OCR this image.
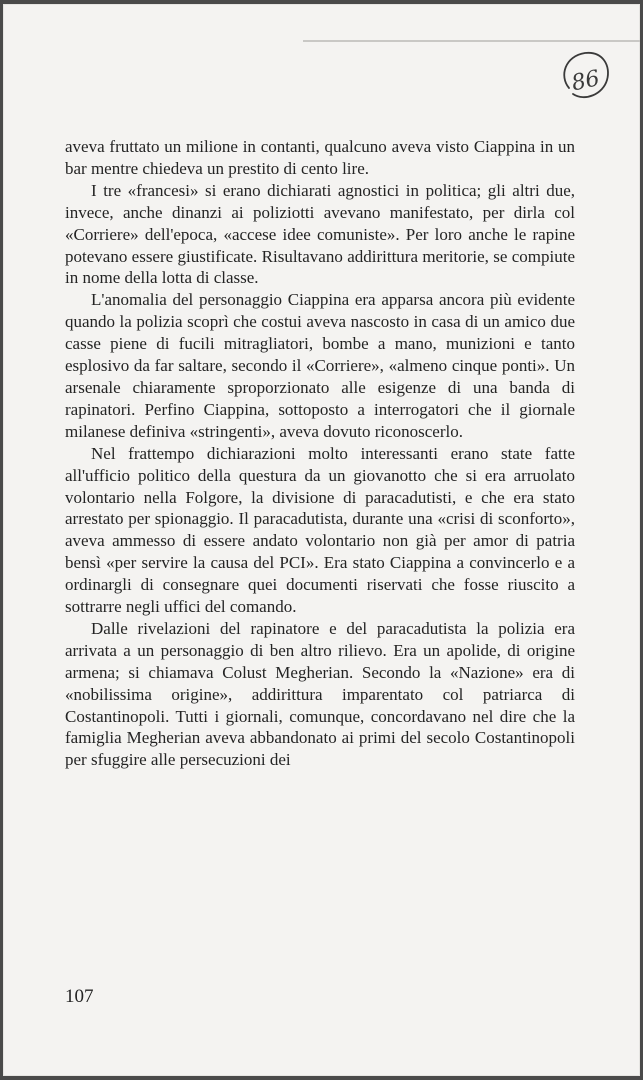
86

aveva fruttato un milione in contanti, qualcuno aveva visto Ciappina in un bar mentre chiedeva un prestito di cento lire.

I tre «francesi» si erano dichiarati agnostici in politica; gli altri due, invece, anche dinanzi ai poliziotti avevano manifestato, per dirla col «Corriere» dell'epoca, «accese idee comuniste». Per loro anche le rapine potevano essere giustificate. Risultavano addirittura meritorie, se compiute in nome della lotta di classe.

L'anomalia del personaggio Ciappina era apparsa ancora più evidente quando la polizia scoprì che costui aveva nascosto in casa di un amico due casse piene di fucili mitragliatori, bombe a mano, munizioni e tanto esplosivo da far saltare, secondo il «Corriere», «almeno cinque ponti». Un arsenale chiaramente sproporzionato alle esigenze di una banda di rapinatori. Perfino Ciappina, sottoposto a interrogatori che il giornale milanese definiva «stringenti», aveva dovuto riconoscerlo.

Nel frattempo dichiarazioni molto interessanti erano state fatte all'ufficio politico della questura da un giovanotto che si era arruolato volontario nella Folgore, la divisione di paracadutisti, e che era stato arrestato per spionaggio. Il paracadutista, durante una «crisi di sconforto», aveva ammesso di essere andato volontario non già per amor di patria bensì «per servire la causa del PCI». Era stato Ciappina a convincerlo e a ordinargli di consegnare quei documenti riservati che fosse riuscito a sottrarre negli uffici del comando.

Dalle rivelazioni del rapinatore e del paracadutista la polizia era arrivata a un personaggio di ben altro rilievo. Era un apolide, di origine armena; si chiamava Colust Megherian. Secondo la «Nazione» era di «nobilissima origine», addirittura imparentato col patriarca di Costantinopoli. Tutti i giornali, comunque, concordavano nel dire che la famiglia Megherian aveva abbandonato ai primi del secolo Costantinopoli per sfuggire alle persecuzioni dei

107
